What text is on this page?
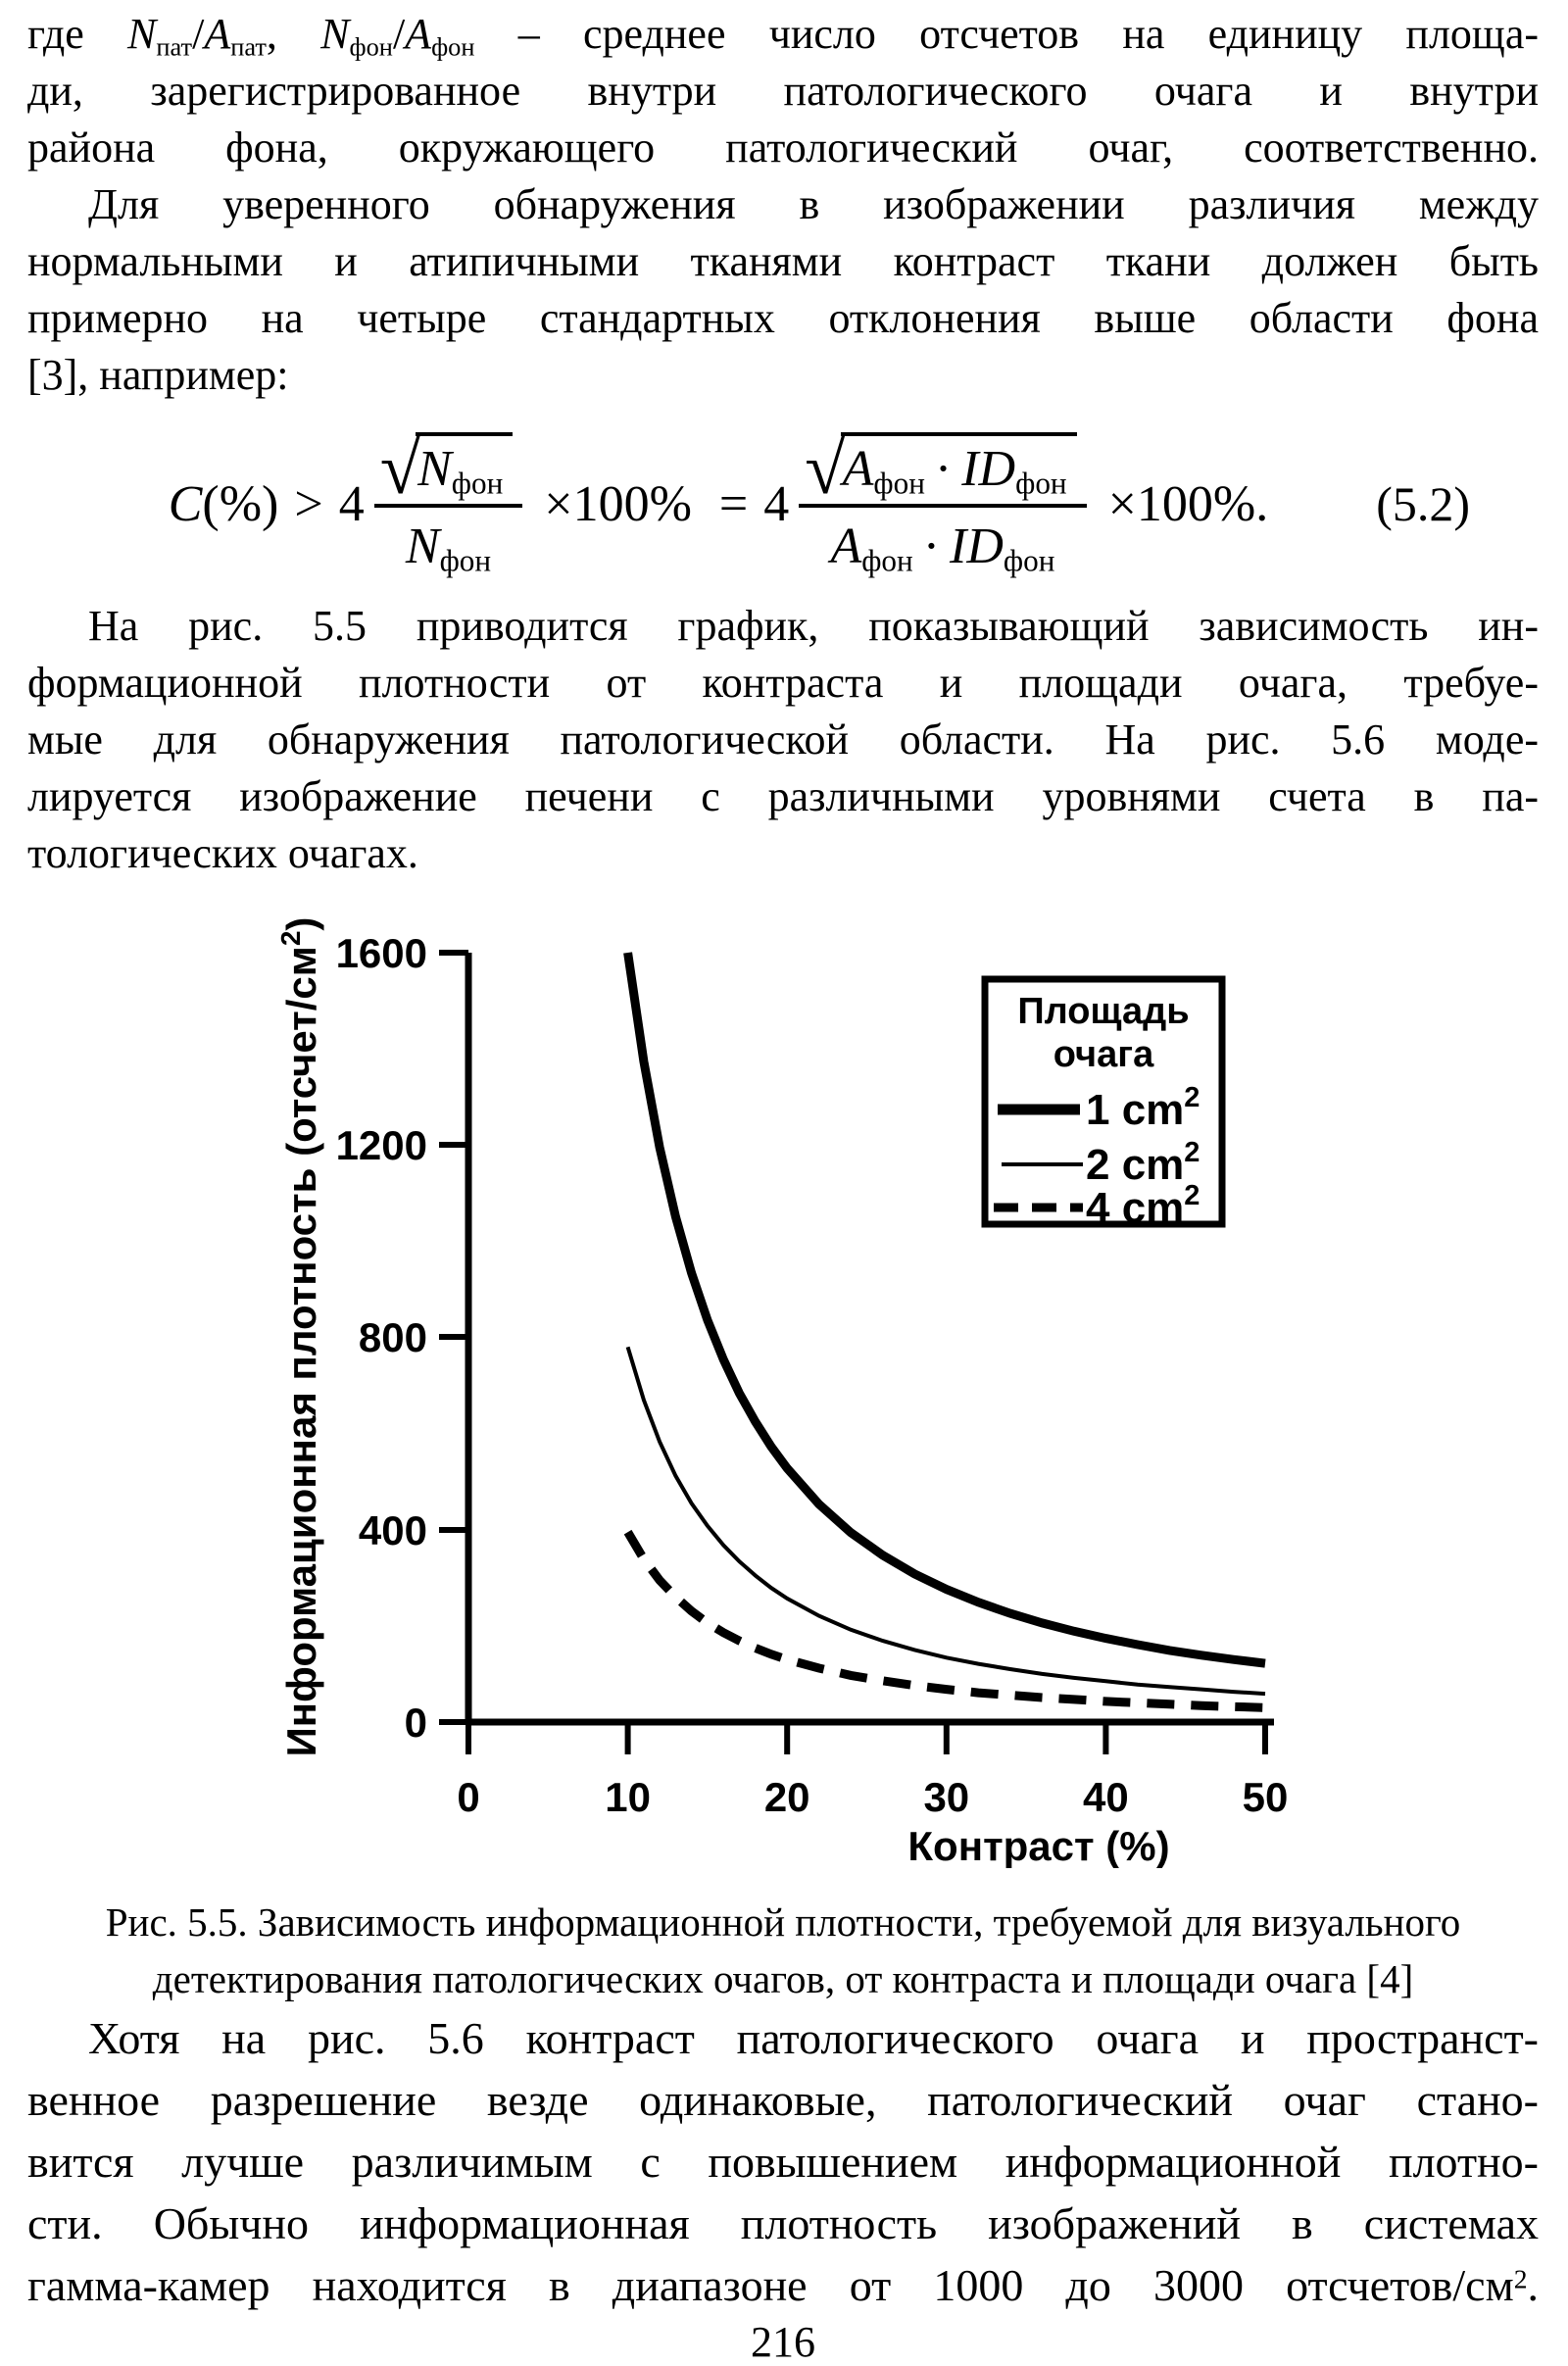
где $N_{пат}/A_{пат}$, $N_{фон}/A_{фон}$ – среднее число отсчетов на единицу площа-
ди, зарегистрированное внутри патологического очага и внутри
района фона, окружающего патологический очаг, соответственно.
Для уверенного обнаружения в изображении различия между
нормальными и атипичными тканями контраст ткани должен быть
примерно на четыре стандартных отклонения выше области фона
[3], например:
C(%) > 4 √
$N_{фон}$
$N_{фон} \times 100\% = 4$ √
$A_{фон} \cdot ID_{фон}$
$A_{фон} \cdot ID_{фон} \times 100\%$. (5.2)
На рис. 5.5 приводится график, показывающий зависимость ин-
формационной плотности от контраста и площади очага, требуе-
мые для обнаружения патологической области. На рис. 5.6 моде-
лируется изображение печени с различными уровнями счета в па-
тологических очагах.
Информационная плотность $(отсчет/см^2)$
1600
1200
800
400
0
0	10	20	30	40	50
Контраст (%)
Площадь
очага
1 $cm^2$
2 $cm^2$
4 $cm^2$
Рис. 5.5. Зависимость информационной плотности, требуемой для визуального
детектирования патологических очагов, от контраста и площади очага [4]
Хотя на рис. 5.6 контраст патологического очага и пространст-
венное разрешение везде одинаковые, патологический очаг стано-
вится лучше различимым с повышением информационной плотно-
сти. Обычно информационная плотность изображений в системах
гамма-камер находится в диапазоне от 1000 до 3000 отсчетов/$см^2$.
216
